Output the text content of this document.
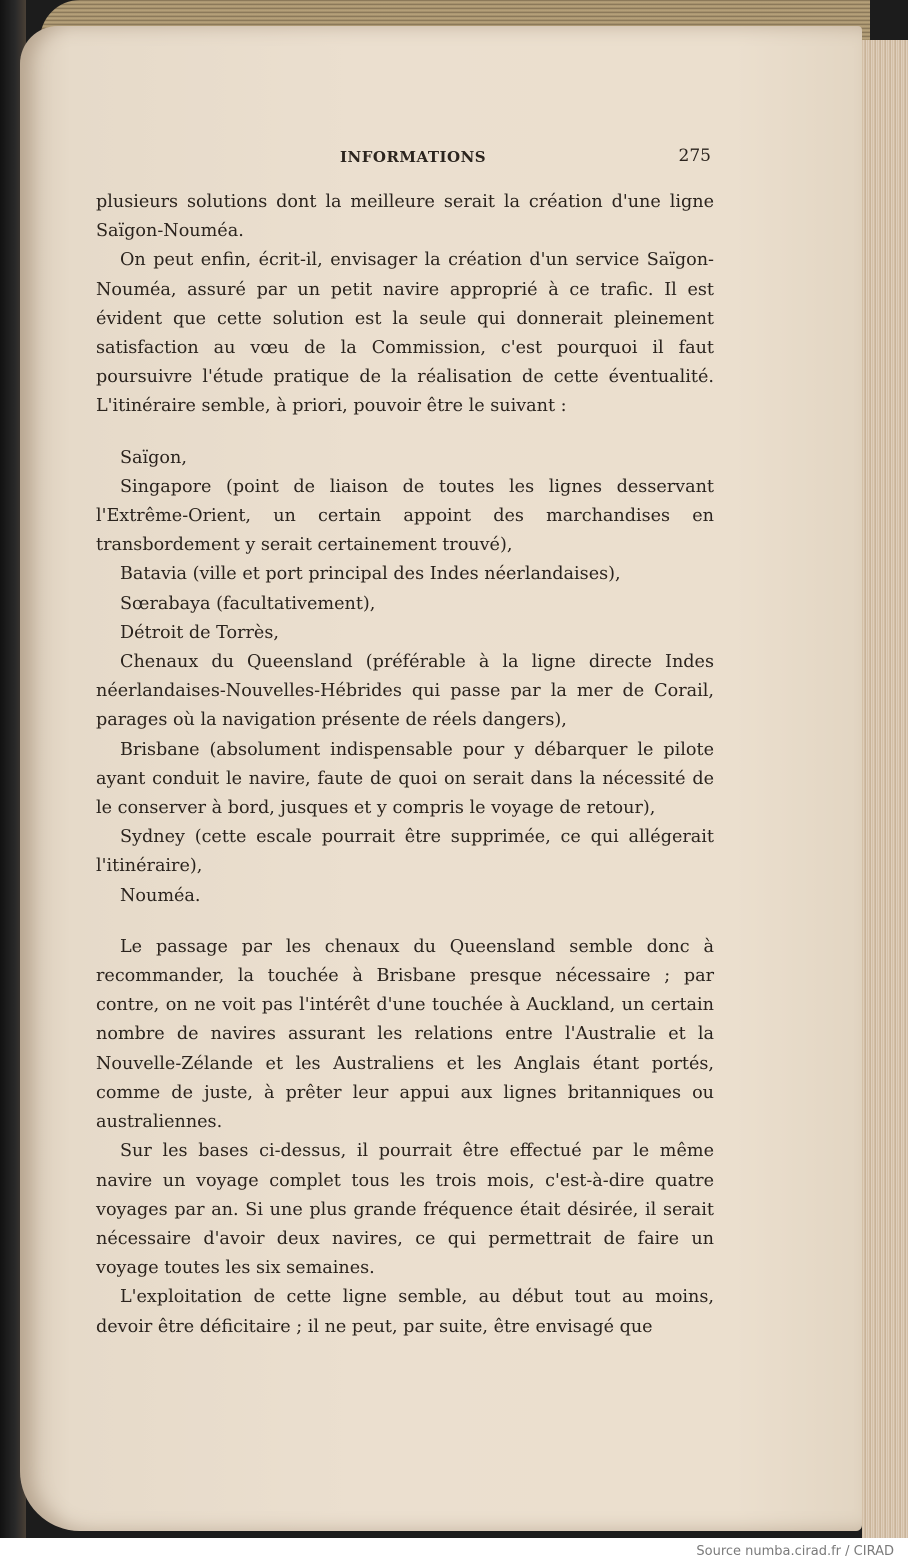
INFORMATIONS	275

plusieurs solutions dont la meilleure serait la création d'une ligne Saïgon-Nouméa.

On peut enfin, écrit-il, envisager la création d'un service Saïgon-Nouméa, assuré par un petit navire approprié à ce trafic. Il est évident que cette solution est la seule qui donnerait pleinement satisfaction au vœu de la Commission, c'est pourquoi il faut poursuivre l'étude pratique de la réalisation de cette éventualité. L'itinéraire semble, à priori, pouvoir être le suivant :

Saïgon,

Singapore (point de liaison de toutes les lignes desservant l'Extrême-Orient, un certain appoint des marchandises en transbordement y serait certainement trouvé),

Batavia (ville et port principal des Indes néerlandaises),

Sœrabaya (facultativement),

Détroit de Torrès,

Chenaux du Queensland (préférable à la ligne directe Indes néerlandaises-Nouvelles-Hébrides qui passe par la mer de Corail, parages où la navigation présente de réels dangers),

Brisbane (absolument indispensable pour y débarquer le pilote ayant conduit le navire, faute de quoi on serait dans la nécessité de le conserver à bord, jusques et y compris le voyage de retour),

Sydney (cette escale pourrait être supprimée, ce qui allégerait l'itinéraire),

Nouméa.

Le passage par les chenaux du Queensland semble donc à recommander, la touchée à Brisbane presque nécessaire ; par contre, on ne voit pas l'intérêt d'une touchée à Auckland, un certain nombre de navires assurant les relations entre l'Australie et la Nouvelle-Zélande et les Australiens et les Anglais étant portés, comme de juste, à prêter leur appui aux lignes britanniques ou australiennes.

Sur les bases ci-dessus, il pourrait être effectué par le même navire un voyage complet tous les trois mois, c'est-à-dire quatre voyages par an. Si une plus grande fréquence était désirée, il serait nécessaire d'avoir deux navires, ce qui permettrait de faire un voyage toutes les six semaines.

L'exploitation de cette ligne semble, au début tout au moins, devoir être déficitaire ; il ne peut, par suite, être envisagé que

Source numba.cirad.fr / CIRAD
